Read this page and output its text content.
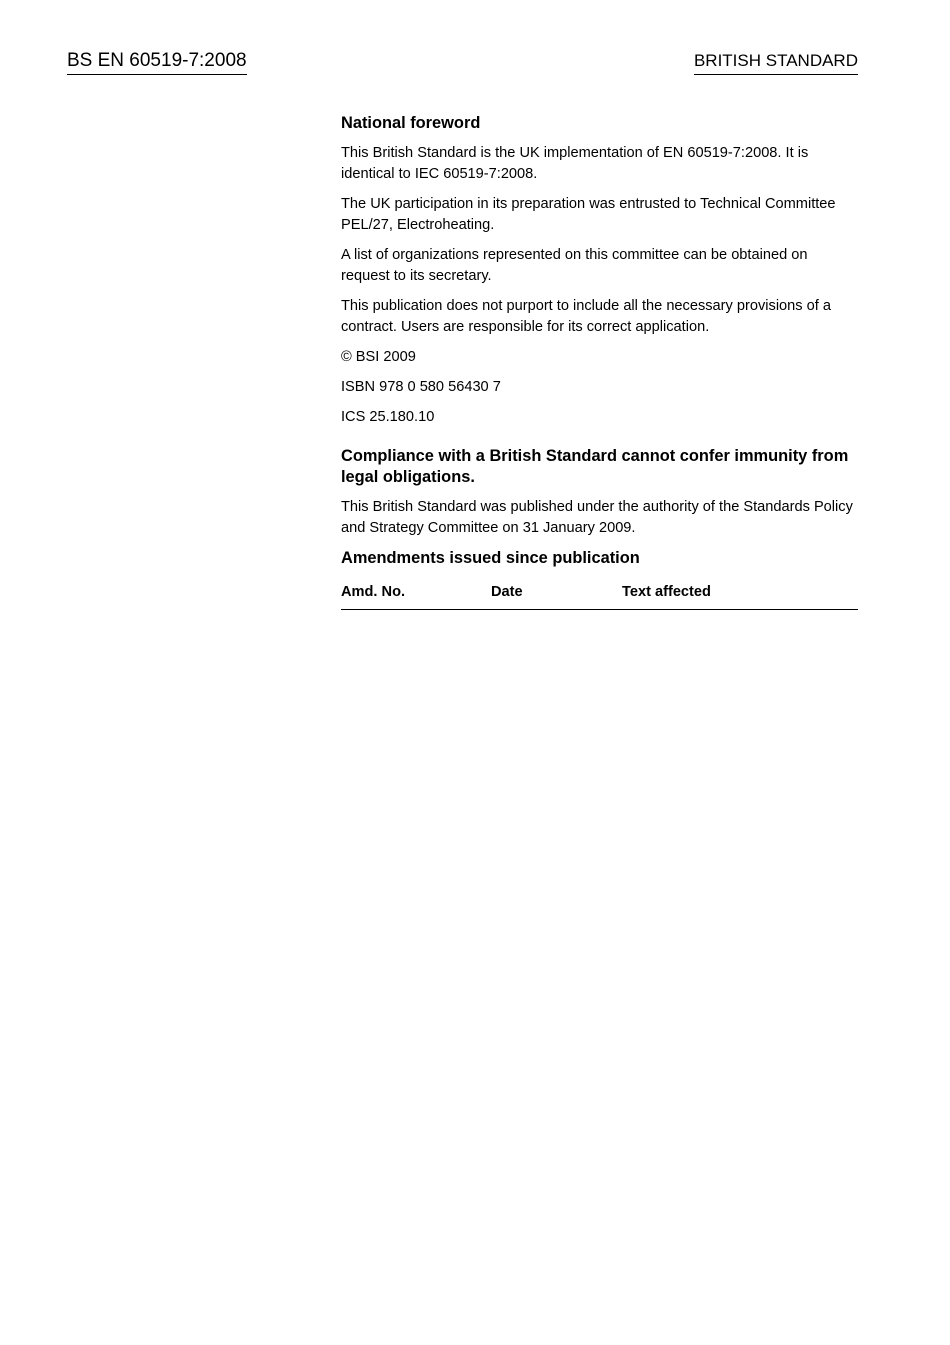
BS EN 60519-7:2008	BRITISH STANDARD
National foreword
This British Standard is the UK implementation of EN 60519-7:2008. It is identical to IEC 60519-7:2008.
The UK participation in its preparation was entrusted to Technical Committee PEL/27, Electroheating.
A list of organizations represented on this committee can be obtained on request to its secretary.
This publication does not purport to include all the necessary provisions of a contract. Users are responsible for its correct application.
© BSI 2009
ISBN 978 0 580 56430 7
ICS 25.180.10
Compliance with a British Standard cannot confer immunity from legal obligations.
This British Standard was published under the authority of the Standards Policy and Strategy Committee on 31 January 2009.
Amendments issued since publication
Amd. No.	Date	Text affected
